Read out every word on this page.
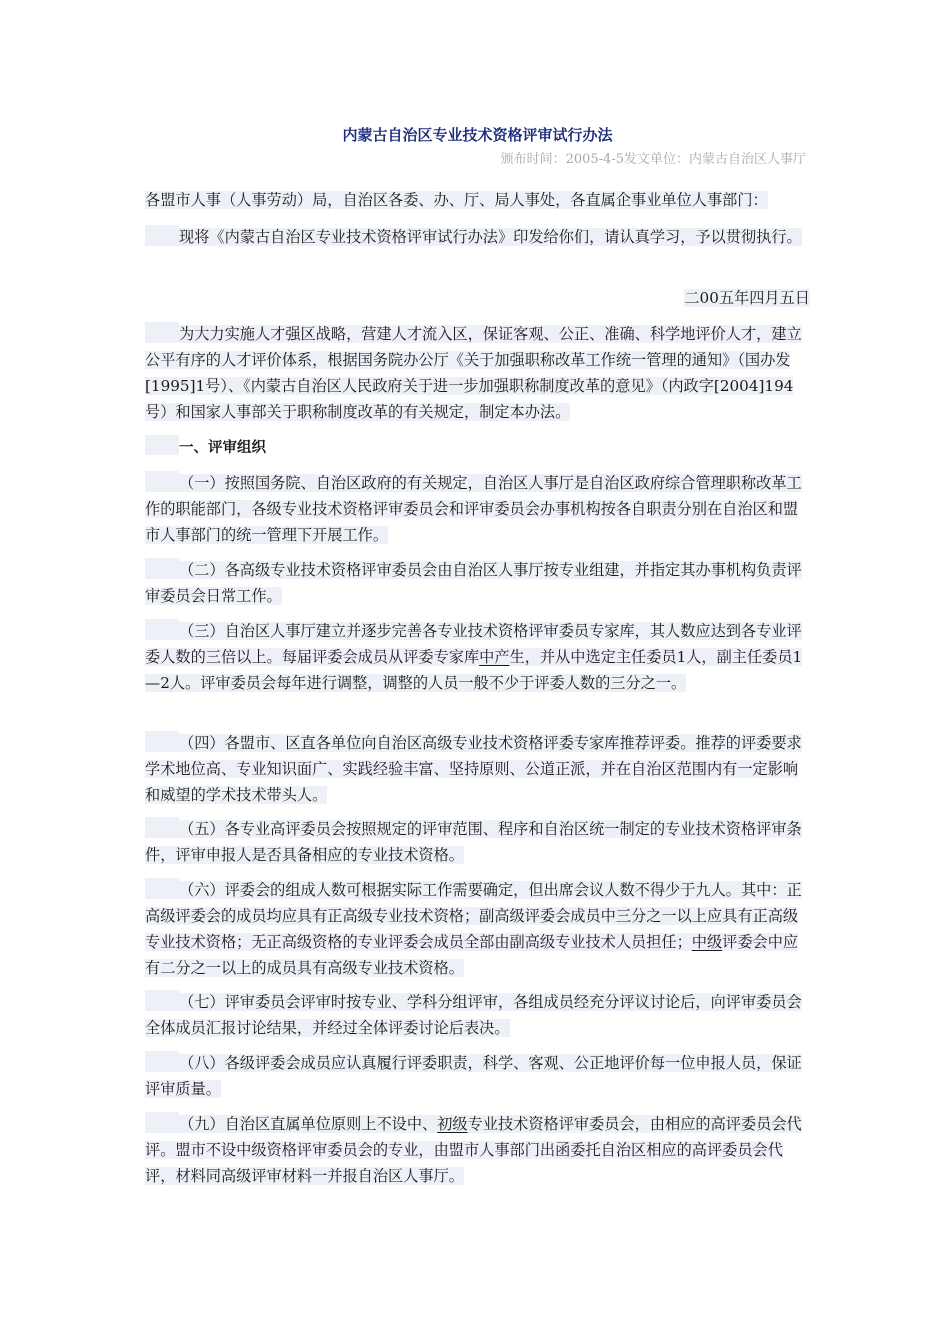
内蒙古自治区专业技术资格评审试行办法
颁布时间：2005-4-5发文单位：内蒙古自治区人事厅

各盟市人事（人事劳动）局，自治区各委、办、厅、局人事处，各直属企事业单位人事部门：

现将《内蒙古自治区专业技术资格评审试行办法》印发给你们，请认真学习，予以贯彻执行。

二00五年四月五日

为大力实施人才强区战略，营建人才流入区，保证客观、公正、准确、科学地评价人才，建立公平有序的人才评价体系，根据国务院办公厅《关于加强职称改革工作统一管理的通知》（国办发[1995]1号）、《内蒙古自治区人民政府关于进一步加强职称制度改革的意见》（内政字[2004]194号）和国家人事部关于职称制度改革的有关规定，制定本办法。

一、评审组织

（一）按照国务院、自治区政府的有关规定，自治区人事厅是自治区政府综合管理职称改革工作的职能部门，各级专业技术资格评审委员会和评审委员会办事机构按各自职责分别在自治区和盟市人事部门的统一管理下开展工作。

（二）各高级专业技术资格评审委员会由自治区人事厅按专业组建，并指定其办事机构负责评审委员会日常工作。

（三）自治区人事厅建立并逐步完善各专业技术资格评审委员专家库，其人数应达到各专业评委人数的三倍以上。每届评委会成员从评委专家库中产生，并从中选定主任委员1人，副主任委员1—2人。评审委员会每年进行调整，调整的人员一般不少于评委人数的三分之一。

（四）各盟市、区直各单位向自治区高级专业技术资格评委专家库推荐评委。推荐的评委要求学术地位高、专业知识面广、实践经验丰富、坚持原则、公道正派，并在自治区范围内有一定影响和威望的学术技术带头人。

（五）各专业高评委员会按照规定的评审范围、程序和自治区统一制定的专业技术资格评审条件，评审申报人是否具备相应的专业技术资格。

（六）评委会的组成人数可根据实际工作需要确定，但出席会议人数不得少于九人。其中：正高级评委会的成员均应具有正高级专业技术资格；副高级评委会成员中三分之一以上应具有正高级专业技术资格；无正高级资格的专业评委会成员全部由副高级专业技术人员担任；中级评委会中应有二分之一以上的成员具有高级专业技术资格。

（七）评审委员会评审时按专业、学科分组评审，各组成员经充分评议讨论后，向评审委员会全体成员汇报讨论结果，并经过全体评委讨论后表决。

（八）各级评委会成员应认真履行评委职责，科学、客观、公正地评价每一位申报人员，保证评审质量。

（九）自治区直属单位原则上不设中、初级专业技术资格评审委员会，由相应的高评委员会代评。盟市不设中级资格评审委员会的专业，由盟市人事部门出函委托自治区相应的高评委员会代评，材料同高级评审材料一并报自治区人事厅。
